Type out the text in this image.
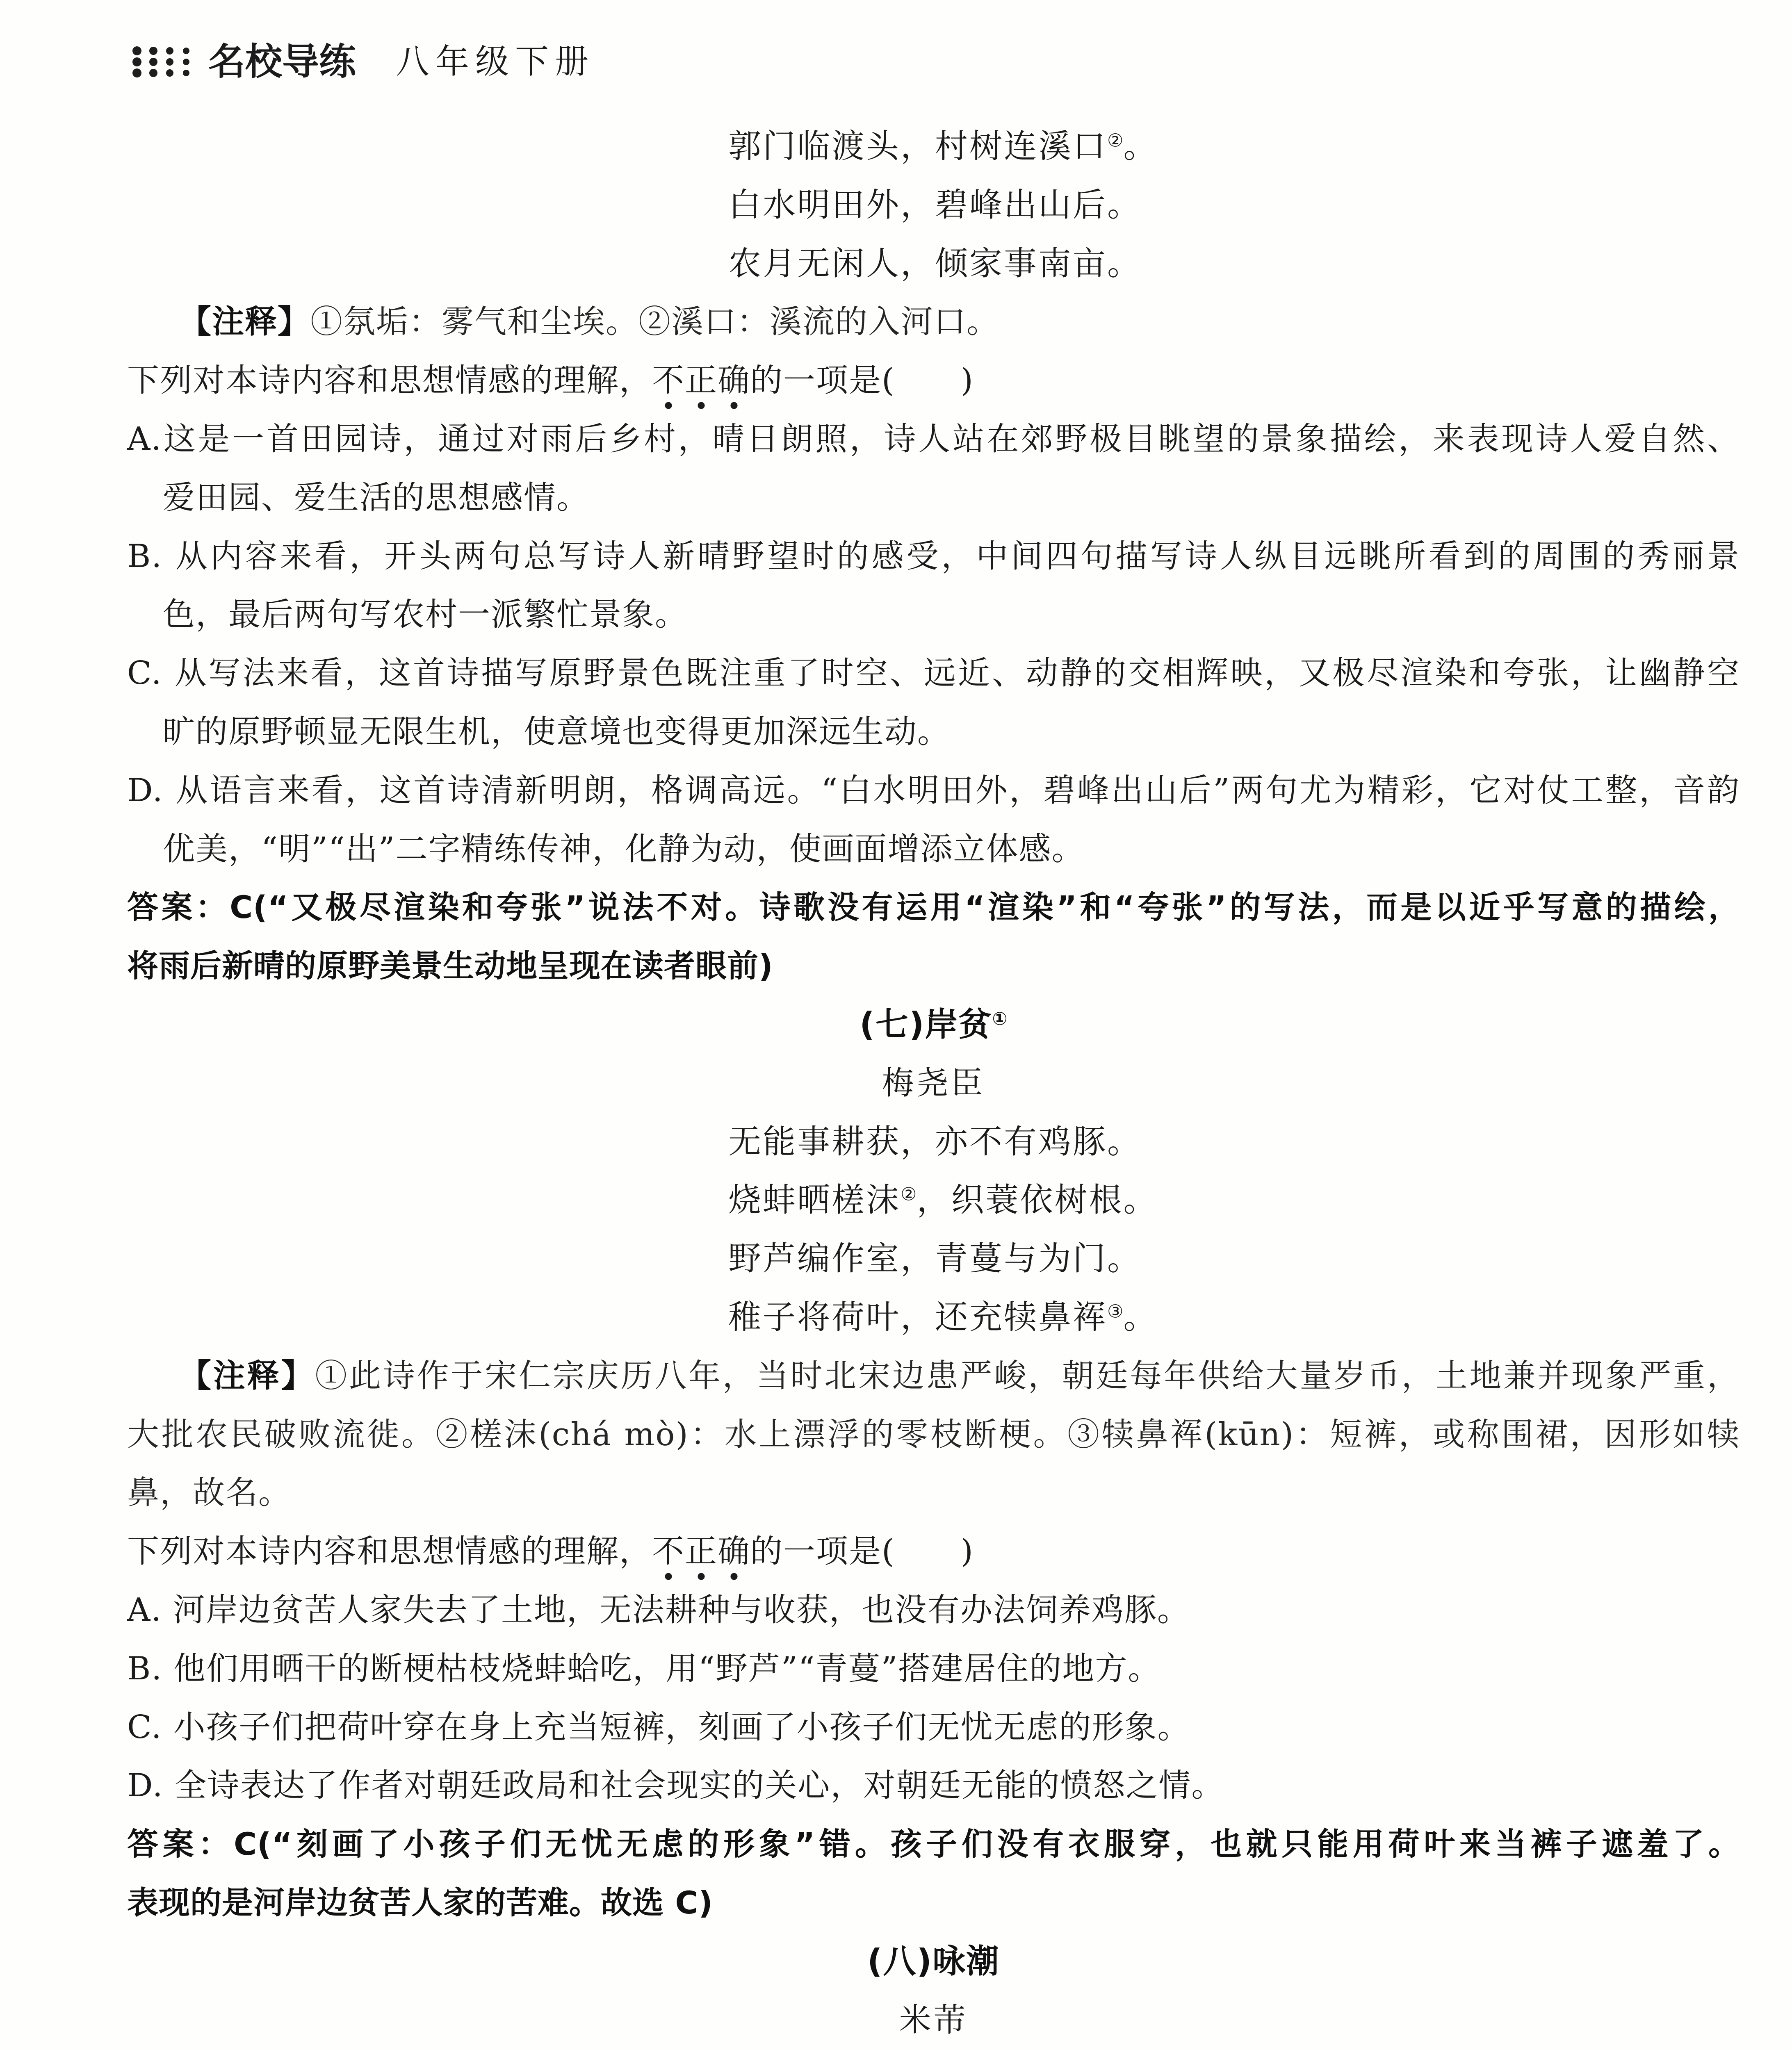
名校导练 八年级下册
郭门临渡头，村树连溪口②。
白水明田外，碧峰出山后。
农月无闲人，倾家事南亩。
【注释】①氛垢：雾气和尘埃。②溪口：溪流的入河口。
下列对本诗内容和思想情感的理解，不正确的一项是(　　)
A.这是一首田园诗，通过对雨后乡村，晴日朗照，诗人站在郊野极目眺望的景象描绘，来表现诗人爱自然、
爱田园、爱生活的思想感情。
B. 从内容来看，开头两句总写诗人新晴野望时的感受，中间四句描写诗人纵目远眺所看到的周围的秀丽景
色，最后两句写农村一派繁忙景象。
C. 从写法来看，这首诗描写原野景色既注重了时空、远近、动静的交相辉映，又极尽渲染和夸张，让幽静空
旷的原野顿显无限生机，使意境也变得更加深远生动。
D. 从语言来看，这首诗清新明朗，格调高远。“白水明田外，碧峰出山后”两句尤为精彩，它对仗工整，音韵
优美，“明”“出”二字精练传神，化静为动，使画面增添立体感。
答案：C(“又极尽渲染和夸张”说法不对。诗歌没有运用“渲染”和“夸张”的写法，而是以近乎写意的描绘，
将雨后新晴的原野美景生动地呈现在读者眼前)
(七)岸贫①
梅尧臣
无能事耕获，亦不有鸡豚。
烧蚌晒槎沫②，织蓑依树根。
野芦编作室，青蔓与为门。
稚子将荷叶，还充犊鼻裈③。
【注释】①此诗作于宋仁宗庆历八年，当时北宋边患严峻，朝廷每年供给大量岁币，土地兼并现象严重，
大批农民破败流徙。②槎沫(chá mò)：水上漂浮的零枝断梗。③犊鼻裈(kūn)：短裤，或称围裙，因形如犊
鼻，故名。
下列对本诗内容和思想情感的理解，不正确的一项是(　　)
A. 河岸边贫苦人家失去了土地，无法耕种与收获，也没有办法饲养鸡豚。
B. 他们用晒干的断梗枯枝烧蚌蛤吃，用“野芦”“青蔓”搭建居住的地方。
C. 小孩子们把荷叶穿在身上充当短裤，刻画了小孩子们无忧无虑的形象。
D. 全诗表达了作者对朝廷政局和社会现实的关心，对朝廷无能的愤怒之情。
答案：C(“刻画了小孩子们无忧无虑的形象”错。孩子们没有衣服穿，也就只能用荷叶来当裤子遮羞了。
表现的是河岸边贫苦人家的苦难。故选 C)
(八)咏潮
米芾
